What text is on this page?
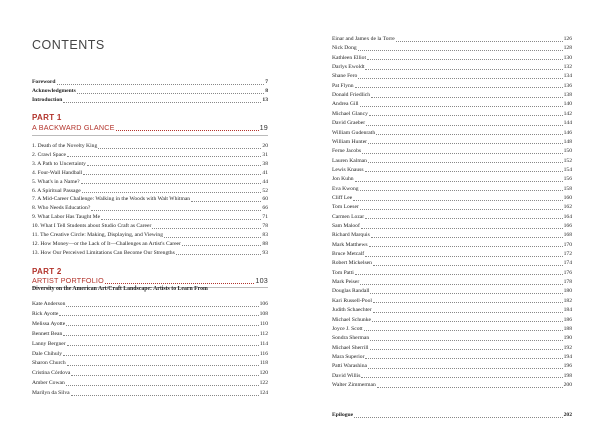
CONTENTS
Foreword	7
Acknowledgments	8
Introduction	13
PART 1
A BACKWARD GLANCE	19
1. Death of the Novelty King	20
2. Crawl Space	31
3. A Path to Uncertainty	38
4. Four-Wall Handball	41
5. What's in a Name?	44
6. A Spiritual Passage	52
7. A Mid-Career Challenge: Walking in the Woods with Walt Whitman	60
8. Who Needs Education?	66
9. What Labor Has Taught Me	71
10. What I Tell Students about Studio Craft as Career	78
11. The Creative Circle: Making, Displaying, and Viewing	83
12. How Money—or the Lack of It—Challenges an Artist's Career	88
13. How Our Perceived Limitations Can Become Our Strengths	93
PART 2
ARTIST PORTFOLIO	103
Diversity on the American Art/Craft Landscape: Artists to Learn From
Kate Anderson	106
Rick Ayotte	108
Melissa Ayotte	110
Bennett Bean	112
Lanny Bergner	114
Dale Chihuly	116
Sharon Church	118
Cristina Córdova	120
Amber Cowan	122
Marilyn da Silva	124
Einar and Jamex de la Torre	126
Nick Dong	128
Kathleen Elliot	130
Darlys Ewoldt	132
Shane Fero	134
Pat Flynn	136
Donald Friedlich	138
Andrea Gill	140
Michael Glancy	142
David Graeber	144
William Gudenrath	146
William Hunter	148
Ferne Jacobs	150
Lauren Kalman	152
Lewis Knauss	154
Jon Kuhn	156
Eva Kwong	158
Cliff Lee	160
Tom Loeser	162
Carmen Lozar	164
Sam Maloof	166
Richard Marquis	168
Mark Matthews	170
Bruce Metcalf	172
Robert Mickelsen	174
Tom Patti	176
Mark Peiser	178
Douglas Randall	180
Kari Russell-Pool	182
Judith Schaechter	184
Michael Schunke	186
Joyce J. Scott	188
Sondra Sherman	190
Michael Sherrill	192
Mara Superior	194
Patti Warashina	196
David Willis	198
Walter Zimmerman	200
Epilogue	202
